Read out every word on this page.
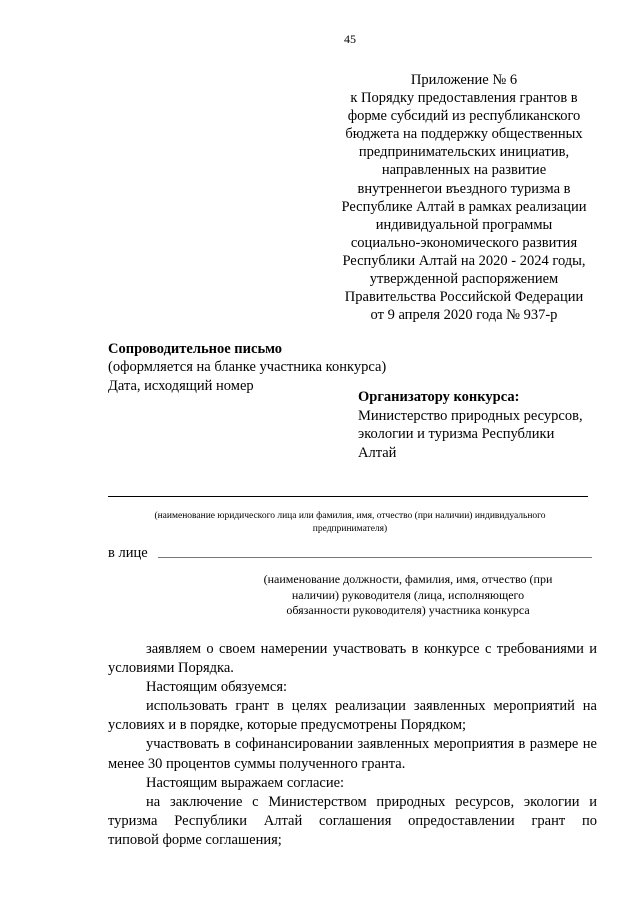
45
Приложение № 6
к Порядку предоставления грантов в
форме субсидий из республиканского
бюджета на поддержку общественных
предпринимательских инициатив,
направленных на развитие
внутреннегои въездного туризма в
Республике Алтай в рамках реализации
индивидуальной программы
социально-экономического развития
Республики Алтай на 2020 - 2024 годы,
утвержденной распоряжением
Правительства Российской Федерации
от 9 апреля 2020 года № 937-р
Сопроводительное письмо
(оформляется на бланке участника конкурса)
Дата, исходящий номер
Организатору конкурса:
Министерство природных ресурсов,
экологии и туризма Республики
Алтай
(наименование юридического лица или фамилия, имя, отчество (при наличии) индивидуального
предпринимателя)
в лице
(наименование должности, фамилия, имя, отчество (при
наличии) руководителя (лица, исполняющего
обязанности руководителя) участника конкурса

заявляем о своем намерении участвовать в конкурсе с требованиями и условиями Порядка.

Настоящим обязуемся:

использовать грант в целях реализации заявленных мероприятий на условиях и в порядке, которые предусмотрены Порядком;

участвовать в софинансировании заявленных мероприятия в размере не менее 30 процентов суммы полученного гранта.

Настоящим выражаем согласие:

на заключение с Министерством природных ресурсов, экологии и

туризма Республики Алтай соглашения опредоставлении грант по

типовой форме соглашения;
